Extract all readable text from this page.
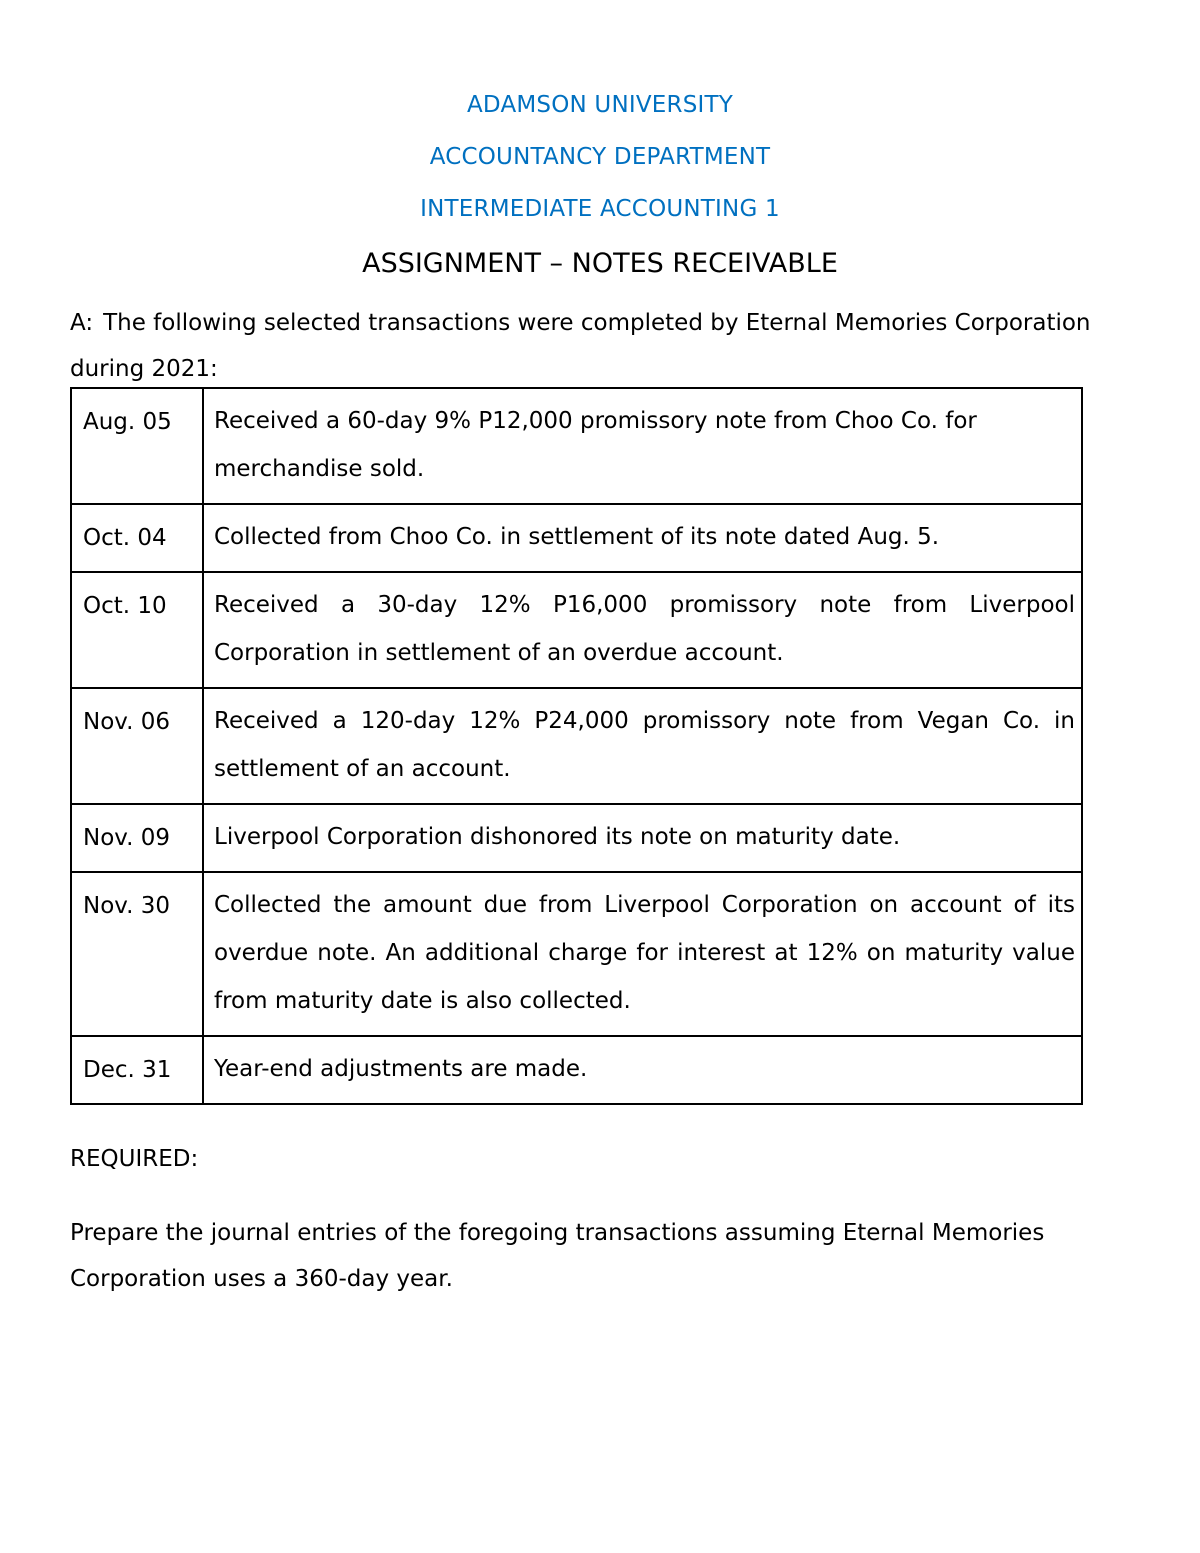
ADAMSON UNIVERSITY
ACCOUNTANCY DEPARTMENT
INTERMEDIATE ACCOUNTING 1
ASSIGNMENT – NOTES RECEIVABLE
A: The following selected transactions were completed by Eternal Memories Corporation during 2021:
Aug. 05	Received a 60-day 9% P12,000 promissory note from Choo Co. for merchandise sold.

Oct. 04	Collected from Choo Co. in settlement of its note dated Aug. 5.

Oct. 10	Received a 30-day 12% P16,000 promissory note from Liverpool Corporation in settlement of an overdue account.

Nov. 06	Received a 120-day 12% P24,000 promissory note from Vegan Co. in settlement of an account.

Nov. 09	Liverpool Corporation dishonored its note on maturity date.

Nov. 30	Collected the amount due from Liverpool Corporation on account of its overdue note. An additional charge for interest at 12% on maturity value from maturity date is also collected.

Dec. 31	Year-end adjustments are made.
REQUIRED:
Prepare the journal entries of the foregoing transactions assuming Eternal Memories Corporation uses a 360-day year.
